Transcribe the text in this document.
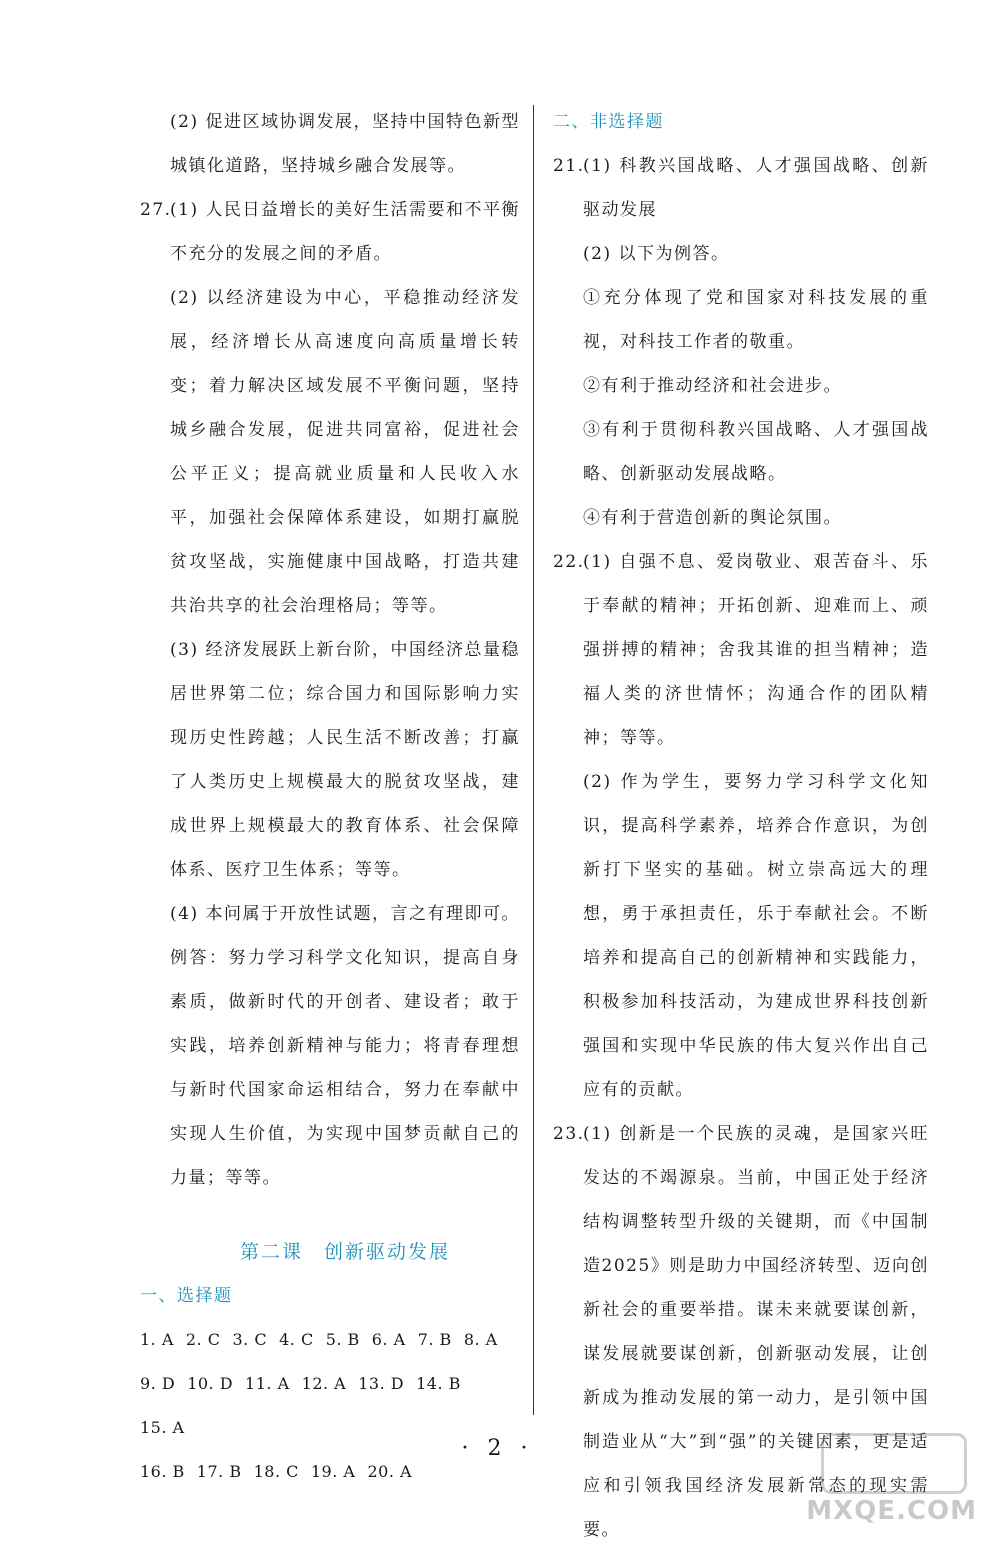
(2) 促进区域协调发展，坚持中国特色新型

城镇化道路，坚持城乡融合发展等。

27.(1) 人民日益增长的美好生活需要和不平衡不充分的发展之间的矛盾。

(2) 以经济建设为中心，平稳推动经济发展，经济增长从高速度向高质量增长转变；着力解决区域发展不平衡问题，坚持城乡融合发展，促进共同富裕，促进社会公平正义；提高就业质量和人民收入水平，加强社会保障体系建设，如期打赢脱贫攻坚战，实施健康中国战略，打造共建共治共享的社会治理格局；等等。

(3) 经济发展跃上新台阶，中国经济总量稳居世界第二位；综合国力和国际影响力实现历史性跨越；人民生活不断改善；打赢了人类历史上规模最大的脱贫攻坚战，建成世界上规模最大的教育体系、社会保障体系、医疗卫生体系；等等。

(4) 本问属于开放性试题，言之有理即可。

例答：努力学习科学文化知识，提高自身素质，做新时代的开创者、建设者；敢于实践，培养创新精神与能力；将青春理想与新时代国家命运相结合，努力在奉献中实现人生价值，为实现中国梦贡献自己的力量；等等。

第二课　创新驱动发展

一、选择题

1. A 2. C 3. C 4. C 5. B 6. A 7. B 8. A

9. D 10. D 11. A 12. A 13. D 14. B15. A

16. B 17. B 18. C 19. A 20. A

二、非选择题

21.(1) 科教兴国战略、人才强国战略、创新驱动发展

(2) 以下为例答。

①充分体现了党和国家对科技发展的重视，对科技工作者的敬重。

②有利于推动经济和社会进步。

③有利于贯彻科教兴国战略、人才强国战略、创新驱动发展战略。

④有利于营造创新的舆论氛围。

22.(1) 自强不息、爱岗敬业、艰苦奋斗、乐于奉献的精神；开拓创新、迎难而上、顽强拼搏的精神；舍我其谁的担当精神；造福人类的济世情怀；沟通合作的团队精神；等等。

(2) 作为学生，要努力学习科学文化知识，提高科学素养，培养合作意识，为创新打下坚实的基础。树立崇高远大的理想，勇于承担责任，乐于奉献社会。不断培养和提高自己的创新精神和实践能力，积极参加科技活动，为建成世界科技创新强国和实现中华民族的伟大复兴作出自己应有的贡献。

23.(1) 创新是一个民族的灵魂，是国家兴旺发达的不竭源泉。当前，中国正处于经济结构调整转型升级的关键期，而《中国制造2025》则是助力中国经济转型、迈向创新社会的重要举措。谋未来就要谋创新，谋发展就要谋创新，创新驱动发展，让创新成为推动发展的第一动力，是引领中国制造业从“大”到“强”的关键因素，更是适应和引领我国经济发展新常态的现实需要。

· 2 ·
MXQE.COM
